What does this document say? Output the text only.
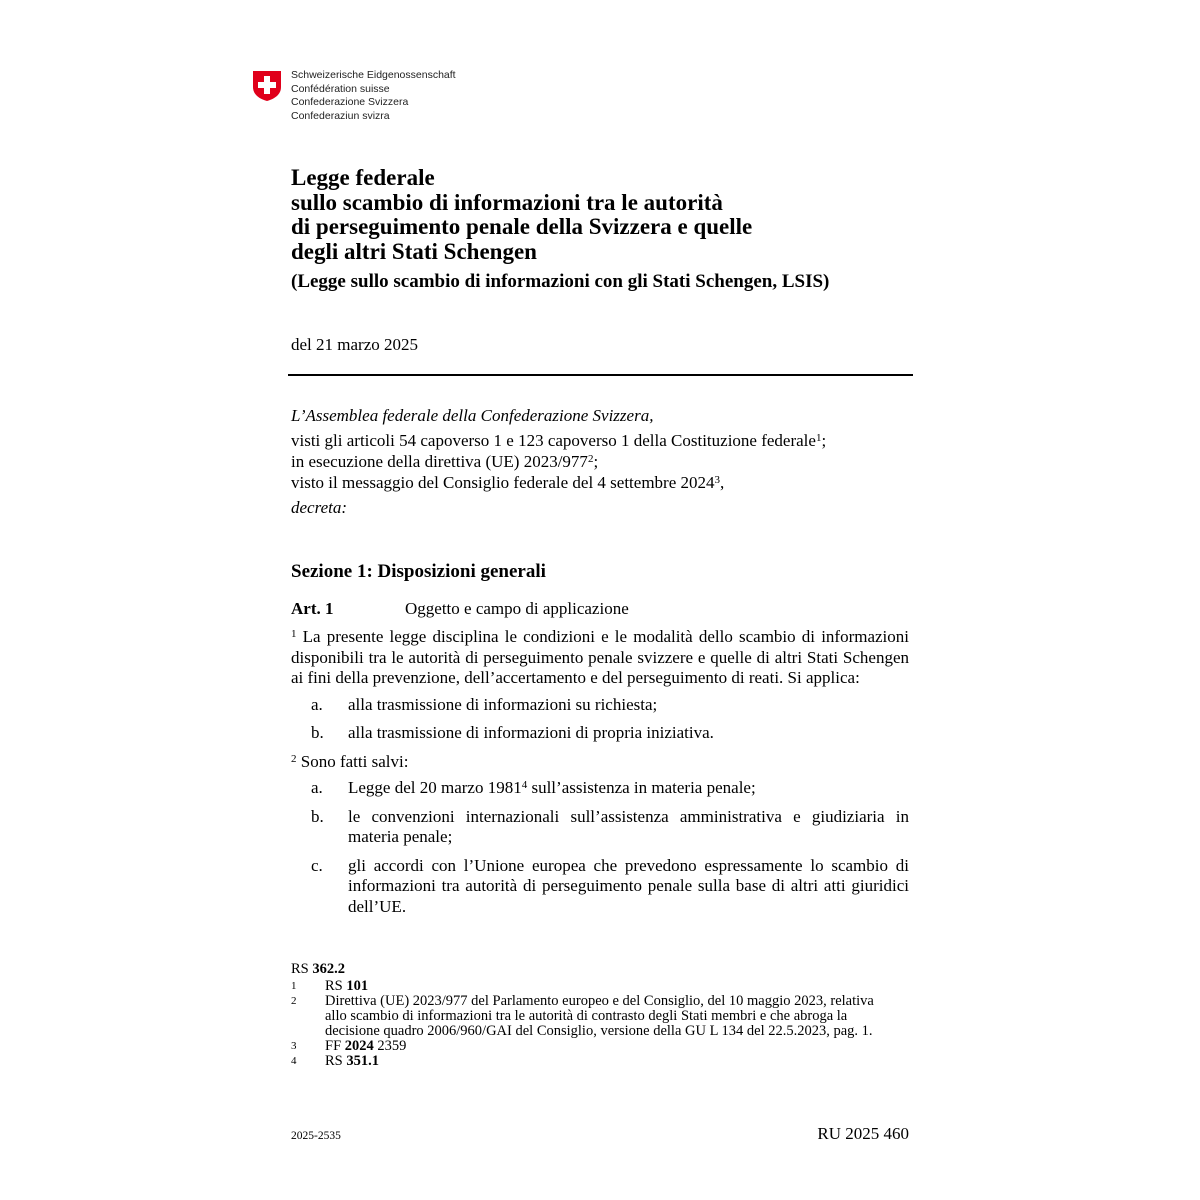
Schweizerische Eidgenossenschaft
Confédération suisse
Confederazione Svizzera
Confederaziun svizra
Legge federale
sullo scambio di informazioni tra le autorità
di perseguimento penale della Svizzera e quelle
degli altri Stati Schengen
(Legge sullo scambio di informazioni con gli Stati Schengen, LSIS)
del 21 marzo 2025
L’Assemblea federale della Confederazione Svizzera,
visti gli articoli 54 capoverso 1 e 123 capoverso 1 della Costituzione federale$^1$;
in esecuzione della direttiva (UE) $2023/977^2$;
visto il messaggio del Consiglio federale del 4 settembre 2024$^3$,
decreta:
Sezione 1: Disposizioni generali
Art. 1	Oggetto e campo di applicazione
$^1$ La presente legge disciplina le condizioni e le modalità dello scambio di informazioni disponibili tra le autorità di perseguimento penale svizzere e quelle di altri Stati Schengen ai fini della prevenzione, dell’accertamento e del perseguimento di reati. Si applica:
a.	alla trasmissione di informazioni su richiesta;
b.	alla trasmissione di informazioni di propria iniziativa.
$^2$ Sono fatti salvi:
a.	Legge del 20 marzo 1981$^4$ sull’assistenza in materia penale;
b.	le convenzioni internazionali sull’assistenza amministrativa e giudiziaria in materia penale;
c.	gli accordi con l’Unione europea che prevedono espressamente lo scambio di informazioni tra autorità di perseguimento penale sulla base di altri atti giuridici dell’UE.
RS 362.2
1	RS 101
2	Direttiva (UE) 2023/977 del Parlamento europeo e del Consiglio, del 10 maggio 2023, relativa allo scambio di informazioni tra le autorità di contrasto degli Stati membri e che abroga la decisione quadro 2006/960/GAI del Consiglio, versione della GU L 134 del 22.5.2023, pag. 1.
3	FF 2024 2359
4	RS 351.1
2025-2535	RU 2025 460
